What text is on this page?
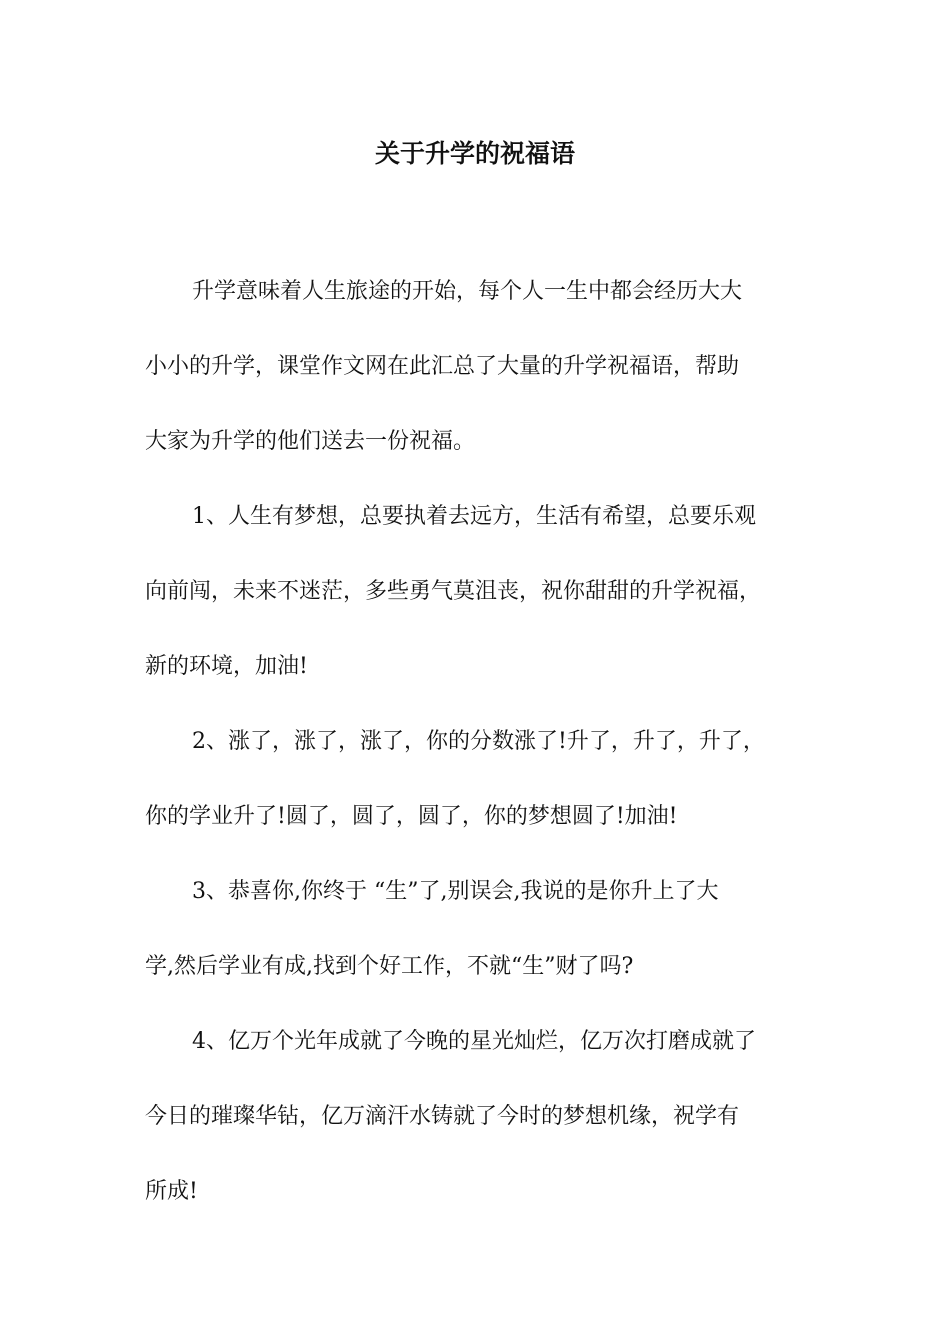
关于升学的祝福语

升学意味着人生旅途的开始，每个人一生中都会经历大大
小小的升学，课堂作文网在此汇总了大量的升学祝福语，帮助
大家为升学的他们送去一份祝福。

1、人生有梦想，总要执着去远方，生活有希望，总要乐观
向前闯，未来不迷茫，多些勇气莫沮丧，祝你甜甜的升学祝福，
新的环境，加油!

2、涨了，涨了，涨了，你的分数涨了!升了，升了，升了，
你的学业升了!圆了，圆了，圆了，你的梦想圆了!加油!

3、恭喜你,你终于 “生”了,别误会,我说的是你升上了大
学,然后学业有成,找到个好工作，不就“生”财了吗?

4、亿万个光年成就了今晚的星光灿烂，亿万次打磨成就了
今日的璀璨华钻，亿万滴汗水铸就了今时的梦想机缘，祝学有
所成!
